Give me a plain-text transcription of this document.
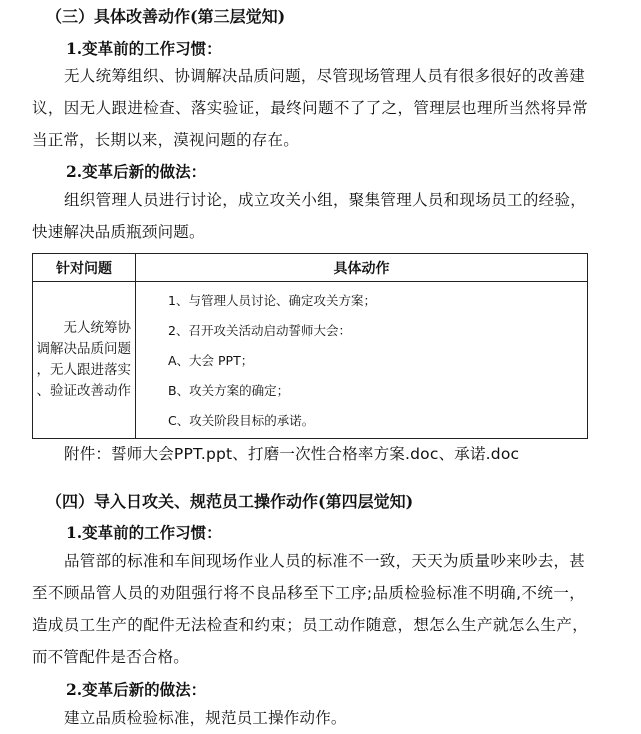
（三）具体改善动作(第三层觉知)
1.变革前的工作习惯：
无人统筹组织、协调解决品质问题，尽管现场管理人员有很多很好的改善建
议，因无人跟进检查、落实验证，最终问题不了了之，管理层也理所当然将异常
当正常，长期以来，漠视问题的存在。
2.变革后新的做法：
组织管理人员进行讨论，成立攻关小组，聚集管理人员和现场员工的经验，
快速解决品质瓶颈问题。
针对问题	具体动作

无人统筹协
调解决品质问题
，无人跟进落实
、验证改善动作	1、与管理人员讨论、确定攻关方案；
2、召开攻关活动启动誓师大会：
A、大会 PPT；
B、攻关方案的确定；
C、攻关阶段目标的承诺。
附件：誓师大会PPT.ppt、打磨一次性合格率方案.doc、承诺.doc
（四）导入日攻关、规范员工操作动作(第四层觉知)
1.变革前的工作习惯：
品管部的标准和车间现场作业人员的标准不一致，天天为质量吵来吵去，甚
至不顾品管人员的劝阻强行将不良品移至下工序;品质检验标准不明确,不统一，
造成员工生产的配件无法检查和约束；员工动作随意，想怎么生产就怎么生产，
而不管配件是否合格。
2.变革后新的做法：
建立品质检验标准，规范员工操作动作。
